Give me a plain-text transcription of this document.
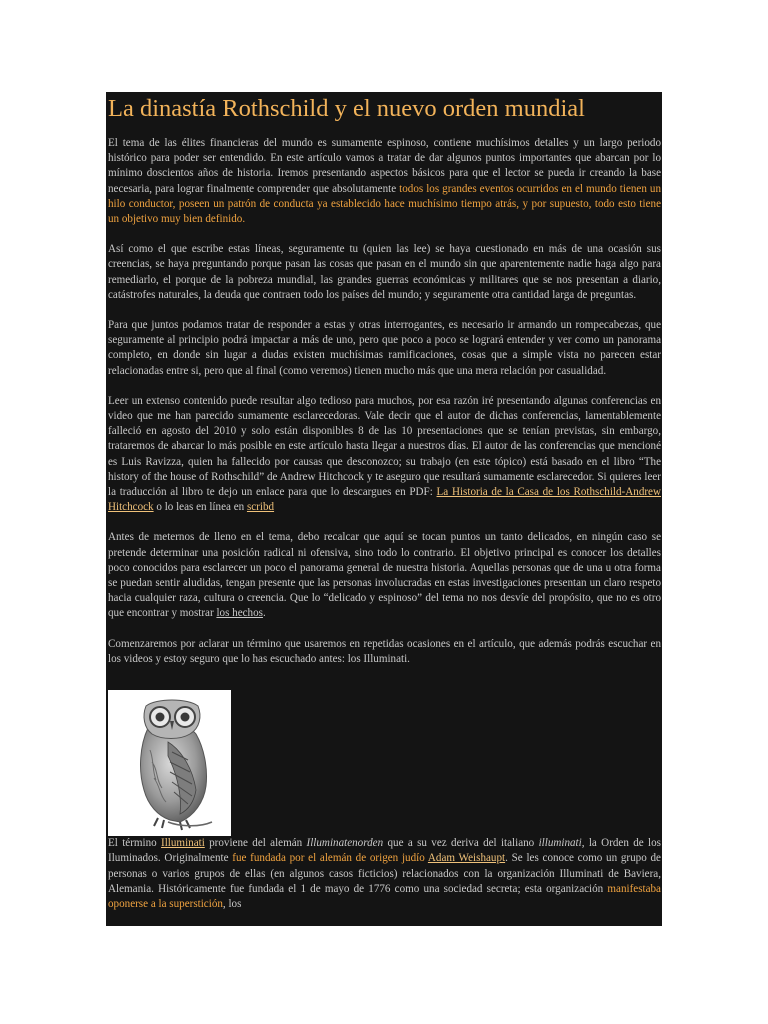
La dinastía Rothschild y el nuevo orden mundial

El tema de las élites financieras del mundo es sumamente espinoso, contiene muchísimos detalles y un largo periodo histórico para poder ser entendido. En este artículo vamos a tratar de dar algunos puntos importantes que abarcan por lo mínimo doscientos años de historia. Iremos presentando aspectos básicos para que el lector se pueda ir creando la base necesaria, para lograr finalmente comprender que absolutamente todos los grandes eventos ocurridos en el mundo tienen un hilo conductor, poseen un patrón de conducta ya establecido hace muchísimo tiempo atrás, y por supuesto, todo esto tiene un objetivo muy bien definido.

Así como el que escribe estas líneas, seguramente tu (quien las lee) se haya cuestionado en más de una ocasión sus creencias, se haya preguntando porque pasan las cosas que pasan en el mundo sin que aparentemente nadie haga algo para remediarlo, el porque de la pobreza mundial, las grandes guerras económicas y militares que se nos presentan a diario, catástrofes naturales, la deuda que contraen todo los países del mundo; y seguramente otra cantidad larga de preguntas.

Para que juntos podamos tratar de responder a estas y otras interrogantes, es necesario ir armando un rompecabezas, que seguramente al principio podrá impactar a más de uno, pero que poco a poco se logrará entender y ver como un panorama completo, en donde sin lugar a dudas existen muchísimas ramificaciones, cosas que a simple vista no parecen estar relacionadas entre si, pero que al final (como veremos) tienen mucho más que una mera relación por casualidad.

Leer un extenso contenido puede resultar algo tedioso para muchos, por esa razón iré presentando algunas conferencias en video que me han parecido sumamente esclarecedoras. Vale decir que el autor de dichas conferencias, lamentablemente falleció en agosto del 2010 y solo están disponibles 8 de las 10 presentaciones que se tenían previstas, sin embargo, trataremos de abarcar lo más posible en este artículo hasta llegar a nuestros días. El autor de las conferencias que mencioné es Luis Ravizza, quien ha fallecido por causas que desconozco; su trabajo (en este tópico) está basado en el libro “The history of the house of Rothschild” de Andrew Hitchcock y te aseguro que resultará sumamente esclarecedor. Si quieres leer la traducción al libro te dejo un enlace para que lo descargues en PDF: La Historia de la Casa de los Rothschild-Andrew Hitchcock o lo leas en línea en scribd

Antes de meternos de lleno en el tema, debo recalcar que aquí se tocan puntos un tanto delicados, en ningún caso se pretende determinar una posición radical ni ofensiva, sino todo lo contrario. El objetivo principal es conocer los detalles poco conocidos para esclarecer un poco el panorama general de nuestra historia. Aquellas personas que de una u otra forma se puedan sentir aludidas, tengan presente que las personas involucradas en estas investigaciones presentan un claro respeto hacia cualquier raza, cultura o creencia. Que lo “delicado y espinoso” del tema no nos desvíe del propósito, que no es otro que encontrar y mostrar los hechos.

Comenzaremos por aclarar un término que usaremos en repetidas ocasiones en el artículo, que además podrás escuchar en los videos y estoy seguro que lo has escuchado antes: los Illuminati.

El término Illuminati proviene del alemán Illuminatenorden que a su vez deriva del italiano illuminati, la Orden de los Iluminados. Originalmente fue fundada por el alemán de origen judío Adam Weishaupt. Se les conoce como un grupo de personas o varios grupos de ellas (en algunos casos ficticios) relacionados con la organización Illuminati de Baviera, Alemania. Históricamente fue fundada el 1 de mayo de 1776 como una sociedad secreta; esta organización manifestaba oponerse a la superstición, los
